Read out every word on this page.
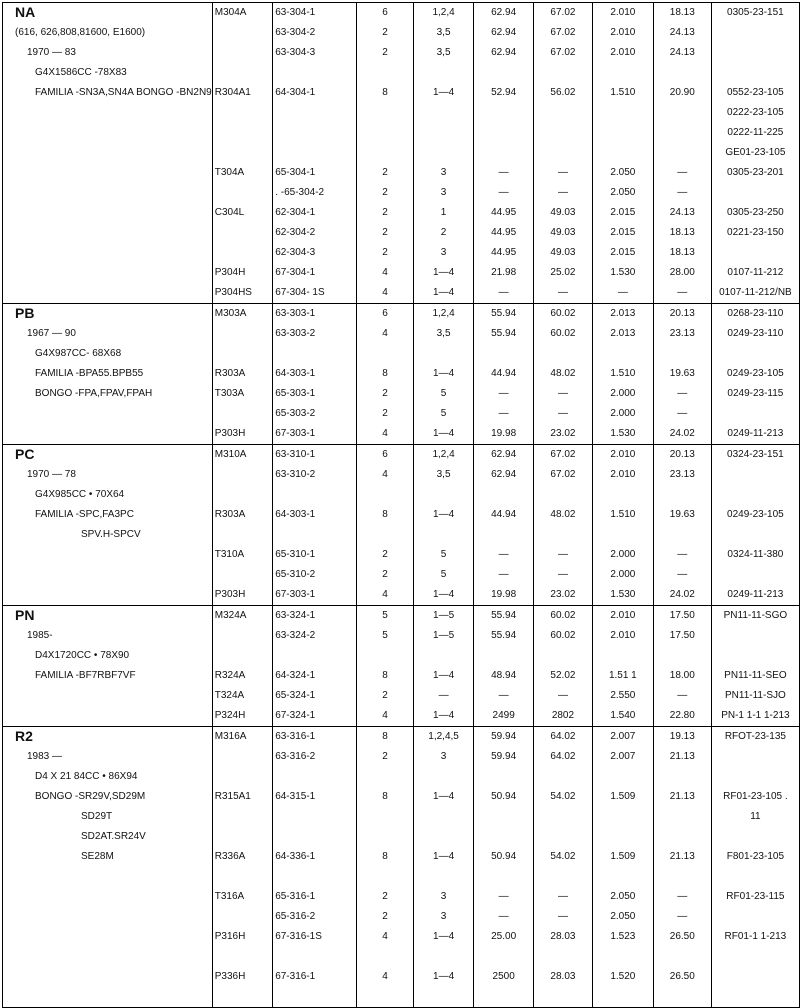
NA	M304A	63-304-1	6	1,2,4	62.94	67.02	2.010	18.13	0305-23-151
(616, 626,808,81600, E1600)		63-304-2	2	3,5	62.94	67.02	2.010	24.13	
1970 — 83		63-304-3	2	3,5	62.94	67.02	2.010	24.13	
G4X1586CC -78X83									
FAMILIA -SN3A,SN4A BONGO -BN2N9	R304A1	64-304-1	8	1—4	52.94	56.02	1.510	20.90	0552-23-105
									0222-23-105
									0222-11-225
									GE01-23-105
	T304A	65-304-1	2	3	—	—	2.050	—	0305-23-201
		. -65-304-2	2	3	—	—	2.050	—	
	C304L	62-304-1	2	1	44.95	49.03	2.015	24.13	0305-23-250
		62-304-2	2	2	44.95	49.03	2.015	18.13	0221-23-150
		62-304-3	2	3	44.95	49.03	2.015	18.13	
	P304H	67-304-1	4	1—4	21.98	25.02	1.530	28.00	0107-11-212
	P304HS	67-304- 1S	4	1—4	—	—	—	—	0107-11-212/NB
PB	M303A	63-303-1	6	1,2,4	55.94	60.02	2.013	20.13	0268-23-110
1967 — 90		63-303-2	4	3,5	55.94	60.02	2.013	23.13	0249-23-110
G4X987CC- 68X68									
FAMILIA -BPA55.BPB55	R303A	64-303-1	8	1—4	44.94	48.02	1.510	19.63	0249-23-105
BONGO -FPA,FPAV,FPAH	T303A	65-303-1	2	5	—	—	2.000	—	0249-23-115
		65-303-2	2	5	—	—	2.000	—	
	P303H	67-303-1	4	1—4	19.98	23.02	1.530	24.02	0249-11-213
PC	M310A	63-310-1	6	1,2,4	62.94	67.02	2.010	20.13	0324-23-151
1970 — 78		63-310-2	4	3,5	62.94	67.02	2.010	23.13	
G4X985CC • 70X64									
FAMILIA -SPC,FA3PC	R303A	64-303-1	8	1—4	44.94	48.02	1.510	19.63	0249-23-105
SPV.H-SPCV									
	T310A	65-310-1	2	5	—	—	2.000	—	0324-11-380
		65-310-2	2	5	—	—	2.000	—	
	P303H	67-303-1	4	1—4	19.98	23.02	1.530	24.02	0249-11-213
PN	M324A	63-324-1	5	1—5	55.94	60.02	2.010	17.50	PN11-11-SGO
1985-		63-324-2	5	1—5	55.94	60.02	2.010	17.50	
D4X1720CC • 78X90									
FAMILIA -BF7RBF7VF	R324A	64-324-1	8	1—4	48.94	52.02	1.51 1	18.00	PN11-11-SEO
	T324A	65-324-1	2	—	—	—	2.550	—	PN11-11-SJO
	P324H	67-324-1	4	1—4	2499	2802	1.540	22.80	PN-1 1-1 1-213
R2	M316A	63-316-1	8	1,2,4,5	59.94	64.02	2.007	19.13	RFOT-23-135
1983 —		63-316-2	2	3	59.94	64.02	2.007	21.13	
D4 X 21 84CC • 86X94									
BONGO -SR29V,SD29M	R315A1	64-315-1	8	1—4	50.94	54.02	1.509	21.13	RF01-23-105 .
SD29T									11
SD2AT.SR24V									
SE28M	R336A	64-336-1	8	1—4	50.94	54.02	1.509	21.13	F801-23-105

	T316A	65-316-1	2	3	—	—	2.050	—	RF01-23-115
		65-316-2	2	3	—	—	2.050	—	
	P316H	67-316-1S	4	1—4	25.00	28.03	1.523	26.50	RF01-1 1-213

	P336H	67-316-1	4	1—4	2500	28.03	1.520	26.50	
